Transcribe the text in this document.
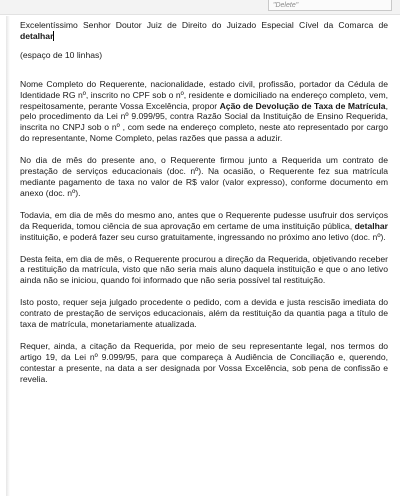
"Delete"

Excelentíssimo Senhor Doutor Juiz de Direito do Juizado Especial Cível da Comarca de detalhar

(espaço de 10 linhas)

Nome Completo do Requerente, nacionalidade, estado civil, profissão, portador da Cédula de Identidade RG nº, inscrito no CPF sob o nº, residente e domiciliado na endereço completo, vem, respeitosamente, perante Vossa Excelência, propor Ação de Devolução de Taxa de Matrícula, pelo procedimento da Lei nº 9.099/95, contra Razão Social da Instituição de Ensino Requerida, inscrita no CNPJ sob o nº , com sede na endereço completo, neste ato representado por cargo do representante, Nome Completo, pelas razões que passa a aduzir.

No dia de mês do presente ano, o Requerente firmou junto a Requerida um contrato de prestação de serviços educacionais (doc. nº). Na ocasião, o Requerente fez sua matrícula mediante pagamento de taxa no valor de R$ valor (valor expresso), conforme documento em anexo (doc. nº).

Todavia, em dia de mês do mesmo ano, antes que o Requerente pudesse usufruir dos serviços da Requerida, tomou ciência de sua aprovação em certame de uma instituição pública, detalhar instituição, e poderá fazer seu curso gratuitamente, ingressando no próximo ano letivo (doc. nº).

Desta feita, em dia de mês, o Requerente procurou a direção da Requerida, objetivando receber a restituição da matrícula, visto que não seria mais aluno daquela instituição e que o ano letivo ainda não se iniciou, quando foi informado que não seria possível tal restituição.

Isto posto, requer seja julgado procedente o pedido, com a devida e justa rescisão imediata do contrato de prestação de serviços educacionais, além da restituição da quantia paga a título de taxa de matrícula, monetariamente atualizada.

Requer, ainda, a citação da Requerida, por meio de seu representante legal, nos termos do artigo 19, da Lei nº 9.099/95, para que compareça à Audiência de Conciliação e, querendo, contestar a presente, na data a ser designada por Vossa Excelência, sob pena de confissão e revelia.
